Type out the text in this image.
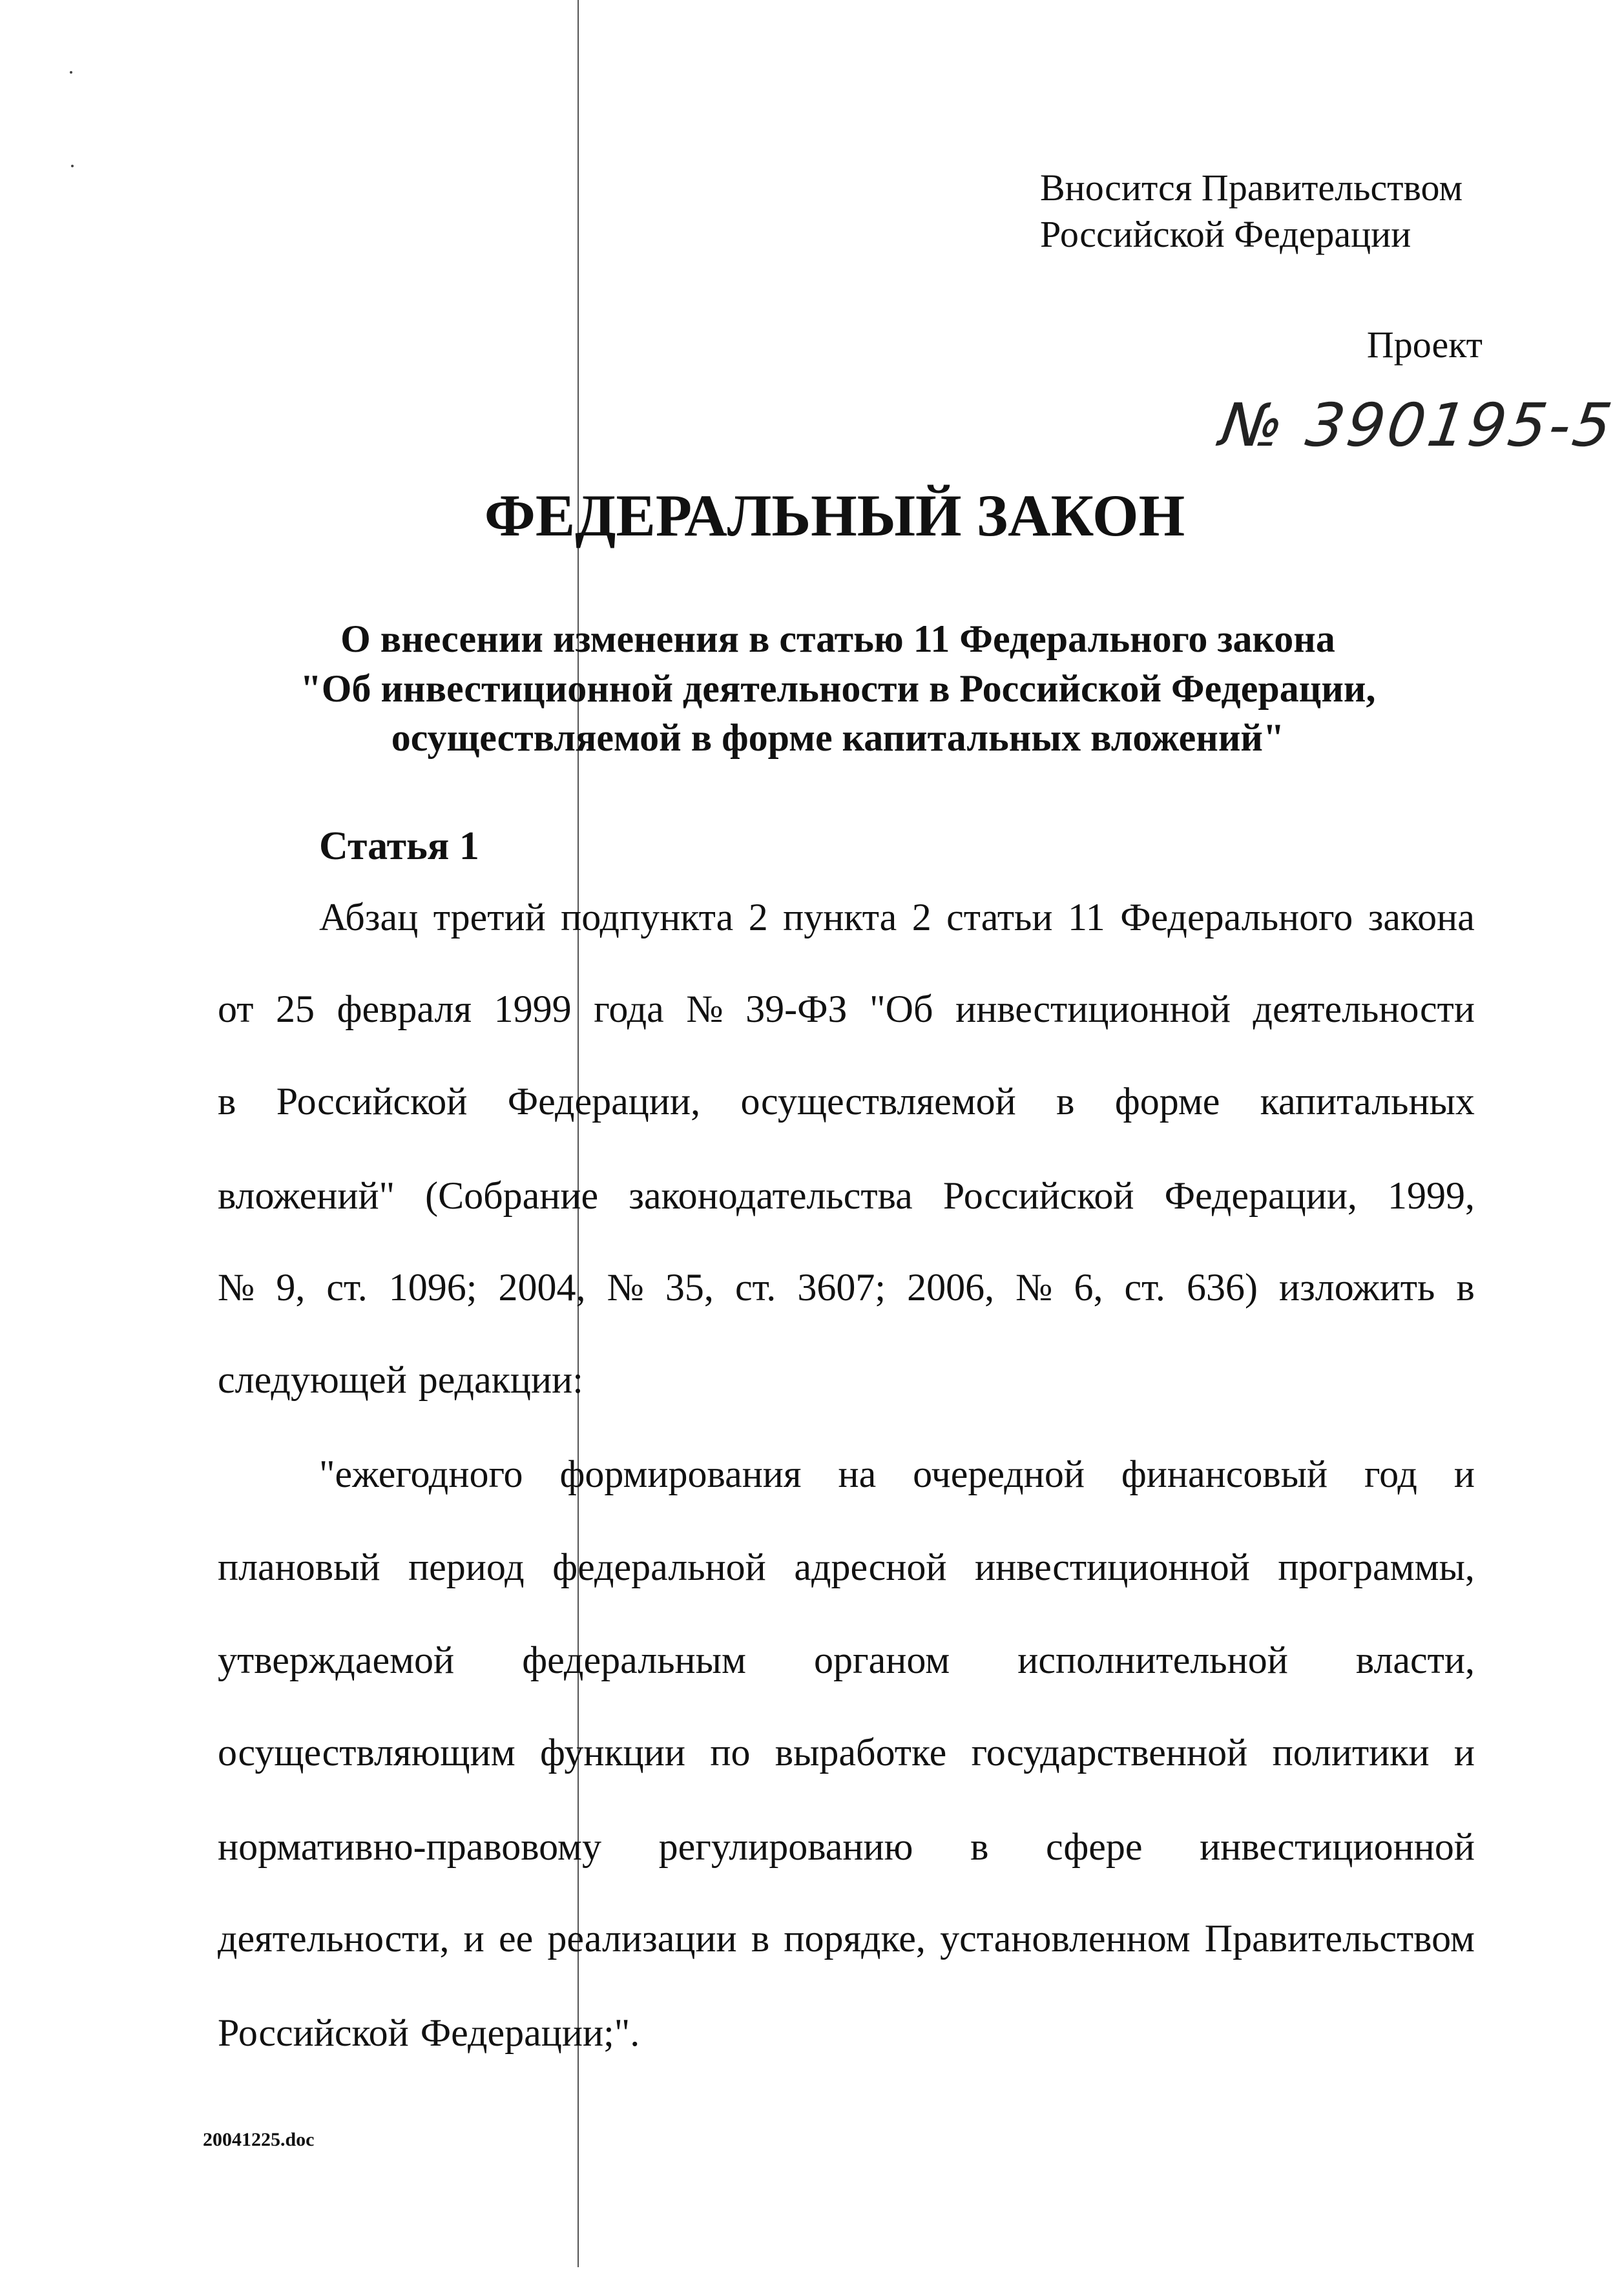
Вносится Правительством
Российской Федерации
Проект
№ 390195-5
ФЕДЕРАЛЬНЫЙ ЗАКОН
О внесении изменения в статью 11 Федерального закона
"Об инвестиционной деятельности в Российской Федерации,
осуществляемой в форме капитальных вложений"
Статья 1
Абзац третий подпункта 2 пункта 2 статьи 11 Федерального закона
от 25 февраля 1999 года № 39-ФЗ "Об инвестиционной деятельности
в Российской Федерации, осуществляемой в форме капитальных
вложений" (Собрание законодательства Российской Федерации, 1999,
№ 9, ст. 1096; 2004, № 35, ст. 3607; 2006, № 6, ст. 636) изложить в
следующей редакции:
"ежегодного формирования на очередной финансовый год и
плановый период федеральной адресной инвестиционной программы,
утверждаемой федеральным органом исполнительной власти,
осуществляющим функции по выработке государственной политики и
нормативно-правовому регулированию в сфере инвестиционной
деятельности, и ее реализации в порядке, установленном Правительством
Российской Федерации;".
20041225.doc
